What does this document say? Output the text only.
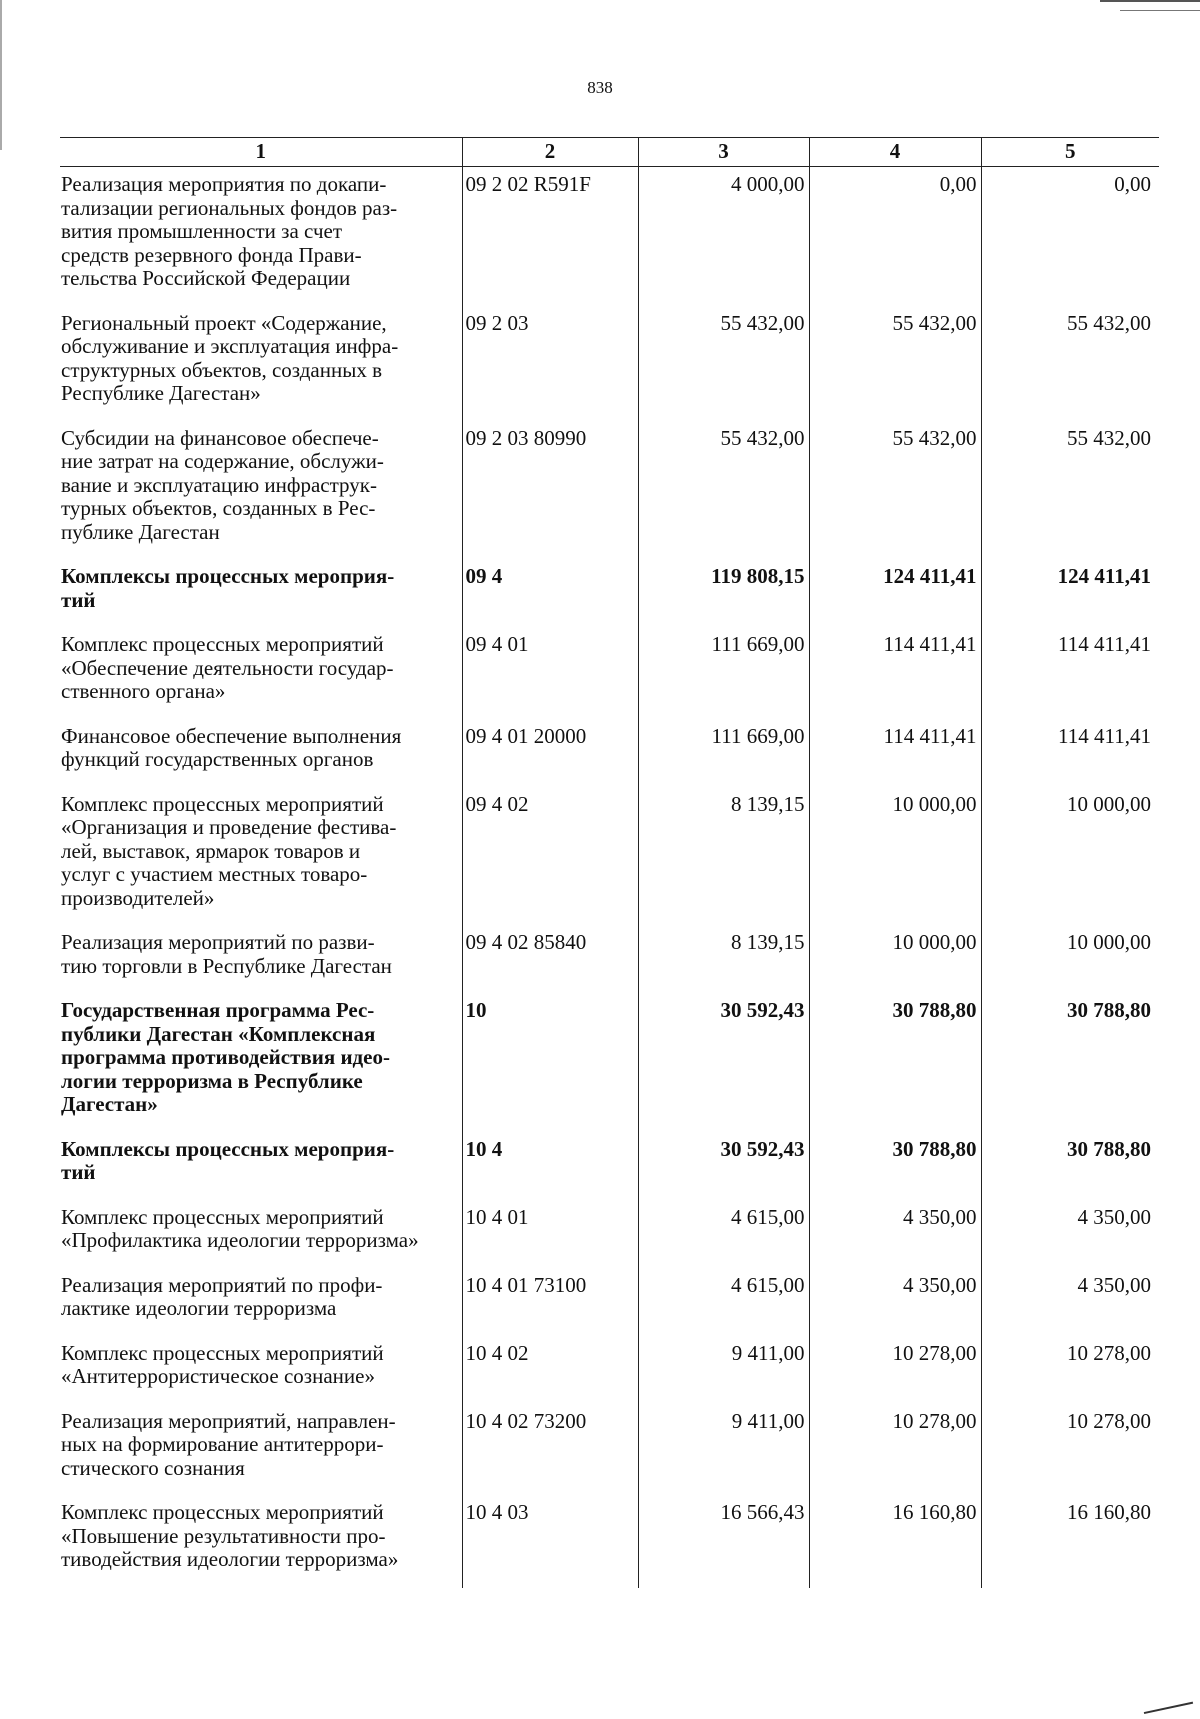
838
1	2	3	4	5
Реализация мероприятия по докапи-
тализации региональных фондов раз-
вития промышленности за счет
средств резервного фонда Прави-
тельства Российской Федерации	09 2 02 R591F	4 000,00	0,00	0,00
Региональный проект «Содержание,
обслуживание и эксплуатация инфра-
структурных объектов, созданных в
Республике Дагестан»	09 2 03	55 432,00	55 432,00	55 432,00
Субсидии на финансовое обеспече-
ние затрат на содержание, обслужи-
вание и эксплуатацию инфраструк-
турных объектов, созданных в Рес-
публике Дагестан	09 2 03 80990	55 432,00	55 432,00	55 432,00
Комплексы процессных мероприя-
тий	09 4	119 808,15	124 411,41	124 411,41
Комплекс процессных мероприятий
«Обеспечение деятельности государ-
ственного органа»	09 4 01	111 669,00	114 411,41	114 411,41
Финансовое обеспечение выполнения
функций государственных органов	09 4 01 20000	111 669,00	114 411,41	114 411,41
Комплекс процессных мероприятий
«Организация и проведение фестива-
лей, выставок, ярмарок товаров и
услуг с участием местных товаро-
производителей»	09 4 02	8 139,15	10 000,00	10 000,00
Реализация мероприятий по разви-
тию торговли в Республике Дагестан	09 4 02 85840	8 139,15	10 000,00	10 000,00
Государственная программа Рес-
публики Дагестан «Комплексная
программа противодействия идео-
логии терроризма в Республике
Дагестан»	10	30 592,43	30 788,80	30 788,80
Комплексы процессных мероприя-
тий	10 4	30 592,43	30 788,80	30 788,80
Комплекс процессных мероприятий
«Профилактика идеологии терроризма»	10 4 01	4 615,00	4 350,00	4 350,00
Реализация мероприятий по профи-
лактике идеологии терроризма	10 4 01 73100	4 615,00	4 350,00	4 350,00
Комплекс процессных мероприятий
«Антитеррористическое сознание»	10 4 02	9 411,00	10 278,00	10 278,00
Реализация мероприятий, направлен-
ных на формирование антитеррори-
стического сознания	10 4 02 73200	9 411,00	10 278,00	10 278,00
Комплекс процессных мероприятий
«Повышение результативности про-
тиводействия идеологии терроризма»	10 4 03	16 566,43	16 160,80	16 160,80
